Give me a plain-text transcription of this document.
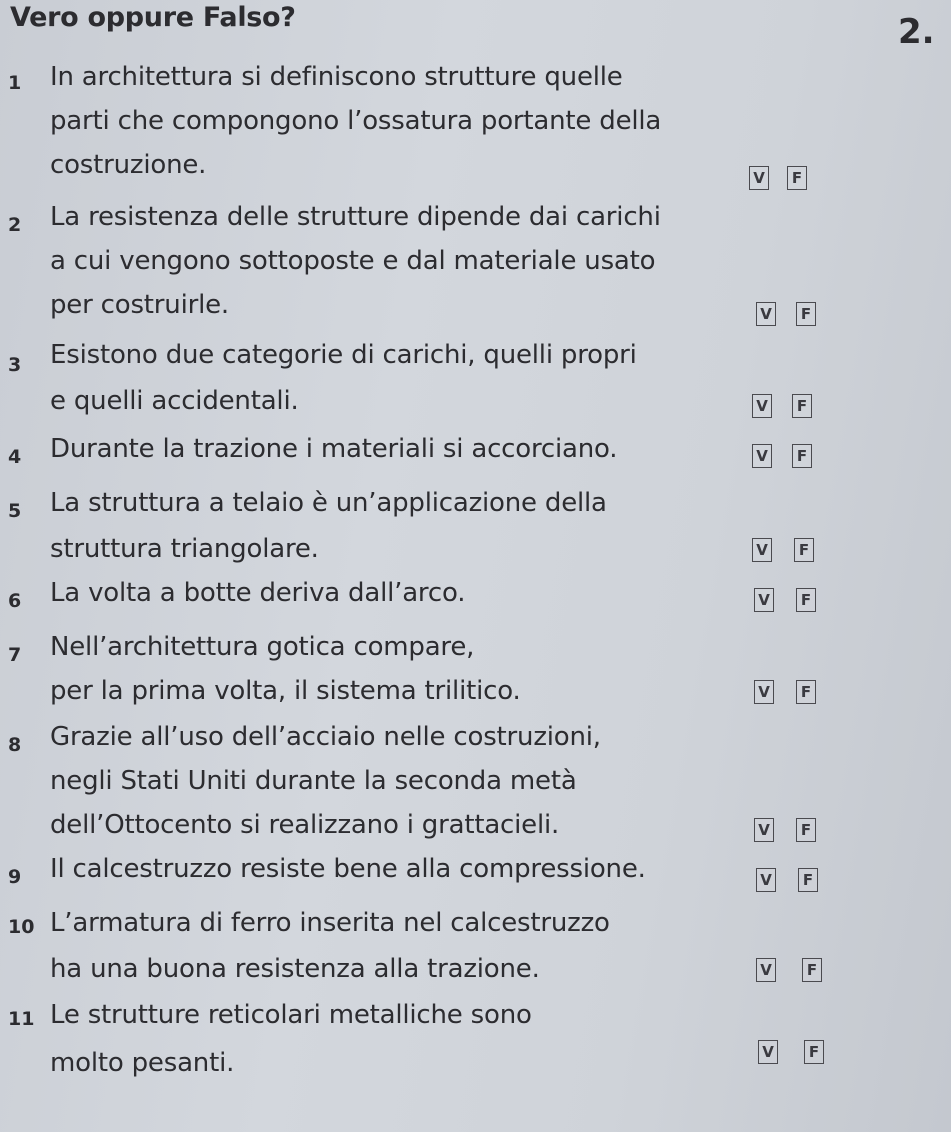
Vero oppure Falso?	2.
1	In architettura si definiscono strutture quelle
parti che compongono l’ossatura portante della
costruzione.	V	F
2	La resistenza delle strutture dipende dai carichi
a cui vengono sottoposte e dal materiale usato
per costruirle.	V	F
3	Esistono due categorie di carichi, quelli propri
e quelli accidentali.	V	F
4	Durante la trazione i materiali si accorciano.	V	F
5	La struttura a telaio è un’applicazione della
struttura triangolare.	V	F
6	La volta a botte deriva dall’arco.	V	F
7	Nell’architettura gotica compare,
per la prima volta, il sistema trilitico.	V	F
8	Grazie all’uso dell’acciaio nelle costruzioni,
negli Stati Uniti durante la seconda metà
dell’Ottocento si realizzano i grattacieli.	V	F
9	Il calcestruzzo resiste bene alla compressione.	V	F
10 L’armatura di ferro inserita nel calcestruzzo
ha una buona resistenza alla trazione.	V	F
11 Le strutture reticolari metalliche sono
molto pesanti.	V	F
